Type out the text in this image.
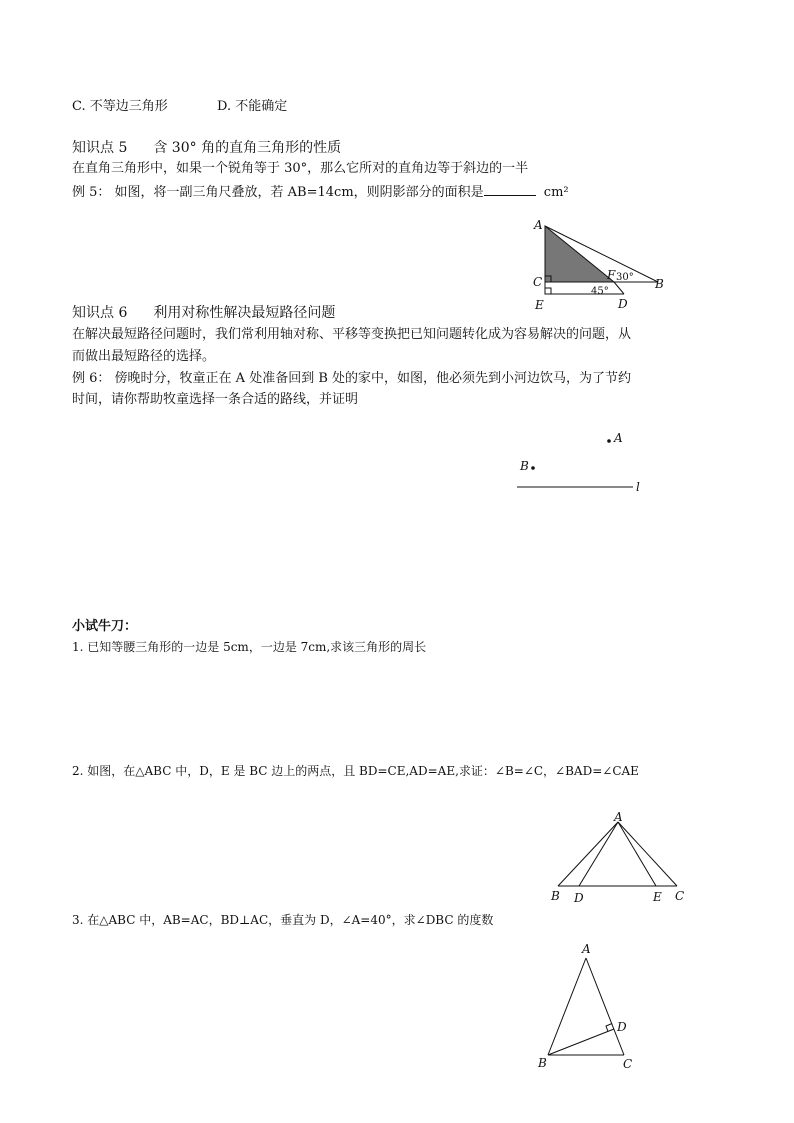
C. 不等边三角形	D. 不能确定
知识点 5 含 30° 角的直角三角形的性质
在直角三角形中，如果一个锐角等于 30°，那么它所对的直角边等于斜边的一半
例 5： 如图，将一副三角尺叠放，若 AB=14cm，则阴影部分的面积是	cm²
A
C
E
F
B
D
30°
45°
知识点 6 利用对称性解决最短路径问题
在解决最短路径问题时，我们常利用轴对称、平移等变换把已知问题转化成为容易解决的问题，从
而做出最短路径的选择。
例 6： 傍晚时分，牧童正在 A 处准备回到 B 处的家中，如图，他必须先到小河边饮马，为了节约
时间，请你帮助牧童选择一条合适的路线，并证明
A
B
l
小试牛刀：
1. 已知等腰三角形的一边是 5cm，一边是 7cm,求该三角形的周长
2. 如图，在△ABC 中，D，E 是 BC 边上的两点，且 BD=CE,AD=AE,求证：∠B=∠C，∠BAD=∠CAE
A
B D	E C
3. 在△ABC 中，AB=AC，BD⊥AC，垂直为 D，∠A=40°，求∠DBC 的度数
A
D
B	C
